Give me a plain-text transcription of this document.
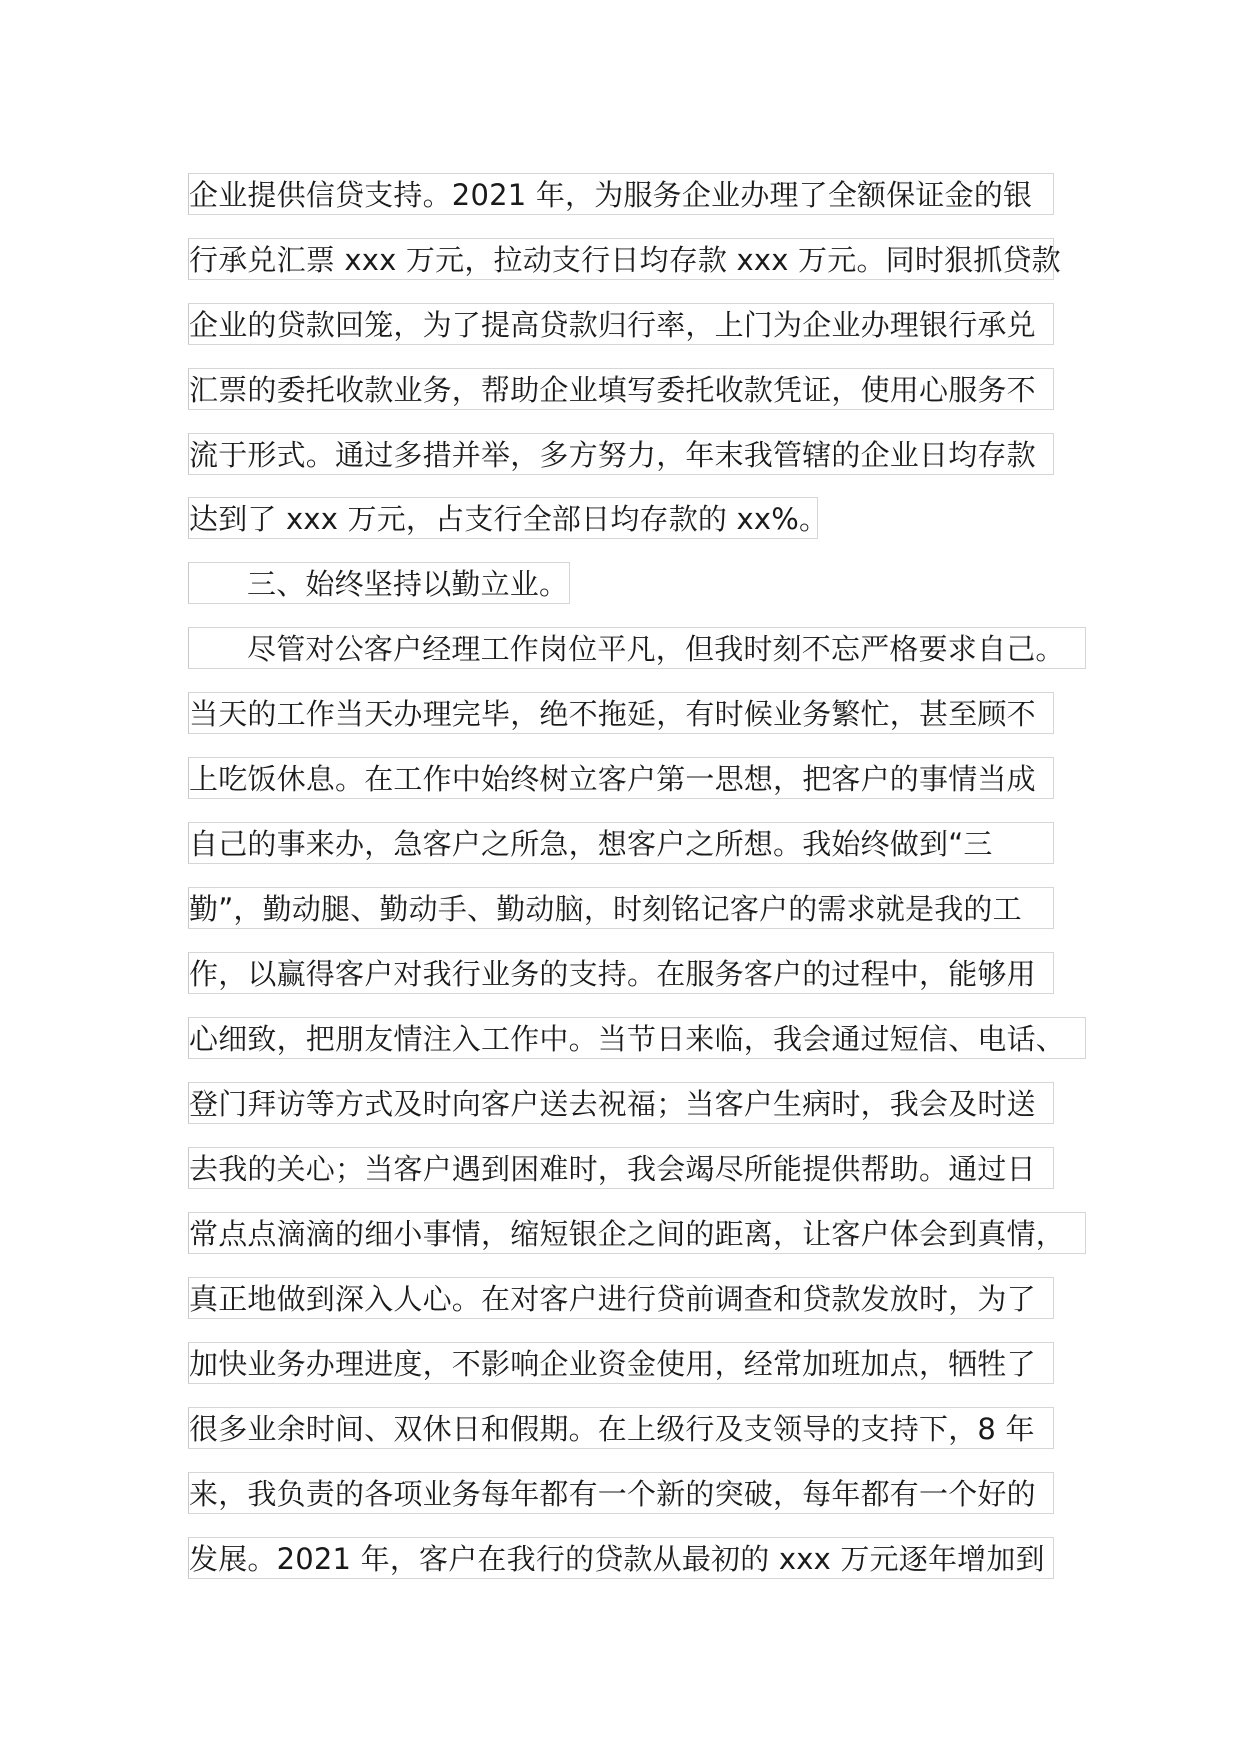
企业提供信贷支持。2021 年，为服务企业办理了全额保证金的银
行承兑汇票 xxx 万元，拉动支行日均存款 xxx 万元。同时狠抓贷款
企业的贷款回笼，为了提高贷款归行率，上门为企业办理银行承兑
汇票的委托收款业务，帮助企业填写委托收款凭证，使用心服务不
流于形式。通过多措并举，多方努力，年末我管辖的企业日均存款
达到了 xxx 万元，占支行全部日均存款的 xx%。
三、始终坚持以勤立业。
尽管对公客户经理工作岗位平凡，但我时刻不忘严格要求自己。
当天的工作当天办理完毕，绝不拖延，有时候业务繁忙，甚至顾不
上吃饭休息。在工作中始终树立客户第一思想，把客户的事情当成
自己的事来办，急客户之所急，想客户之所想。我始终做到“三
勤”，勤动腿、勤动手、勤动脑，时刻铭记客户的需求就是我的工
作，以赢得客户对我行业务的支持。在服务客户的过程中，能够用
心细致，把朋友情注入工作中。当节日来临，我会通过短信、电话、
登门拜访等方式及时向客户送去祝福；当客户生病时，我会及时送
去我的关心；当客户遇到困难时，我会竭尽所能提供帮助。通过日
常点点滴滴的细小事情，缩短银企之间的距离，让客户体会到真情，
真正地做到深入人心。在对客户进行贷前调查和贷款发放时，为了
加快业务办理进度，不影响企业资金使用，经常加班加点，牺牲了
很多业余时间、双休日和假期。在上级行及支领导的支持下，8 年
来，我负责的各项业务每年都有一个新的突破，每年都有一个好的
发展。2021 年，客户在我行的贷款从最初的 xxx 万元逐年增加到
